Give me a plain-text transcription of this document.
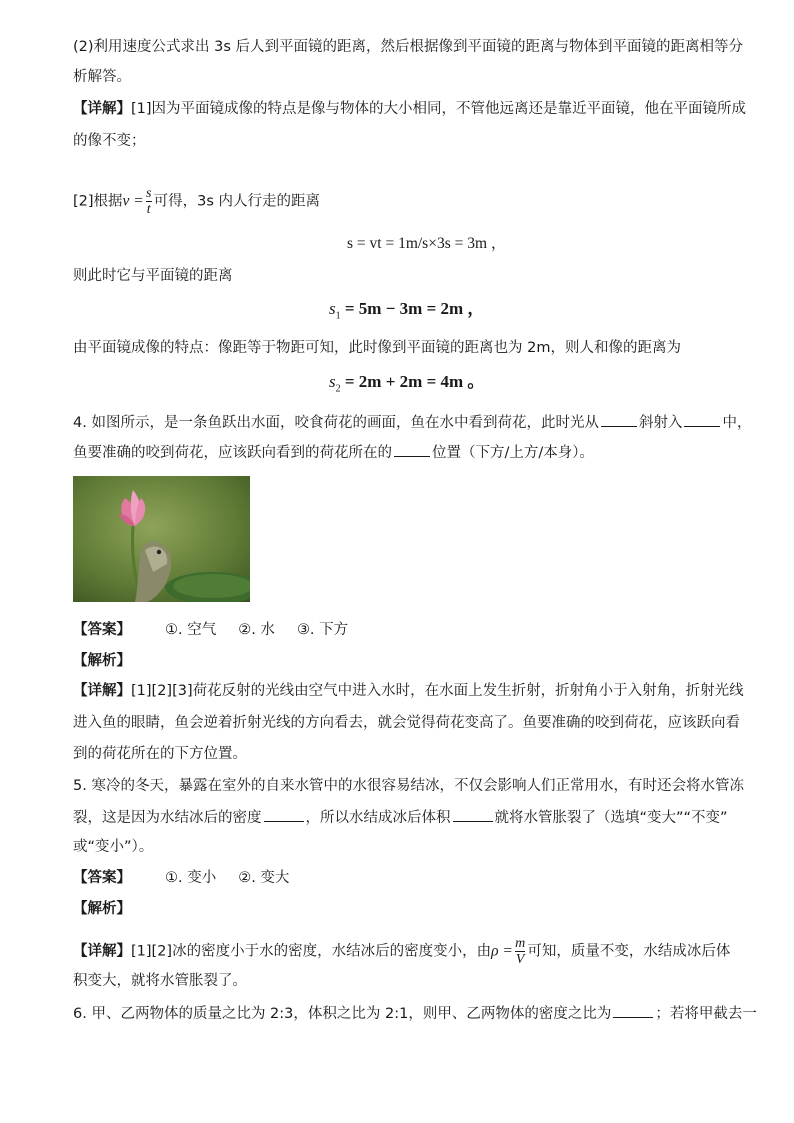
(2)利用速度公式求出 3s 后人到平面镜的距离，然后根据像到平面镜的距离与物体到平面镜的距离相等分
析解答。
【详解】[1]因为平面镜成像的特点是像与物体的大小相同，不管他远离还是靠近平面镜，他在平面镜所成
的像不变；
[2]根据$v = \frac{s}{t}$ 可得，3s 内人行走的距离
s = vt = 1m/s×3s = 3m ，
则此时它与平面镜的距离
$s_1 = 5m - 3m = 2m$ ，
由平面镜成像的特点：像距等于物距可知，此时像到平面镜的距离也为 2m，则人和像的距离为
$s_2 = 2m + 2m = 4m$ 。
4. 如图所示，是一条鱼跃出水面，咬食荷花的画面，鱼在水中看到荷花，此时光从	斜射入	中，
鱼要准确的咬到荷花，应该跃向看到的荷花所在的	位置（下方/上方/本身）。
【答案】 ①. 空气 ②. 水 ③. 下方
【解析】
【详解】[1][2][3]荷花反射的光线由空气中进入水时，在水面上发生折射，折射角小于入射角，折射光线
进入鱼的眼睛，鱼会逆着折射光线的方向看去，就会觉得荷花变高了。鱼要准确的咬到荷花，应该跃向看
到的荷花所在的下方位置。
5. 寒冷的冬天，暴露在室外的自来水管中的水很容易结冰，不仅会影响人们正常用水，有时还会将水管冻
裂，这是因为水结冰后的密度	，所以水结成冰后体积	就将水管胀裂了（选填“变大”“不变”
或“变小”）。
【答案】 ①. 变小 ②. 变大
【解析】
【详解】[1][2]冰的密度小于水的密度，水结冰后的密度变小，由$\rho = \frac{m}{V}$ 可知，质量不变，水结成冰后体
积变大，就将水管胀裂了。
6. 甲、乙两物体的质量之比为 2:3，体积之比为 2:1，则甲、乙两物体的密度之比为	；若将甲截去一
